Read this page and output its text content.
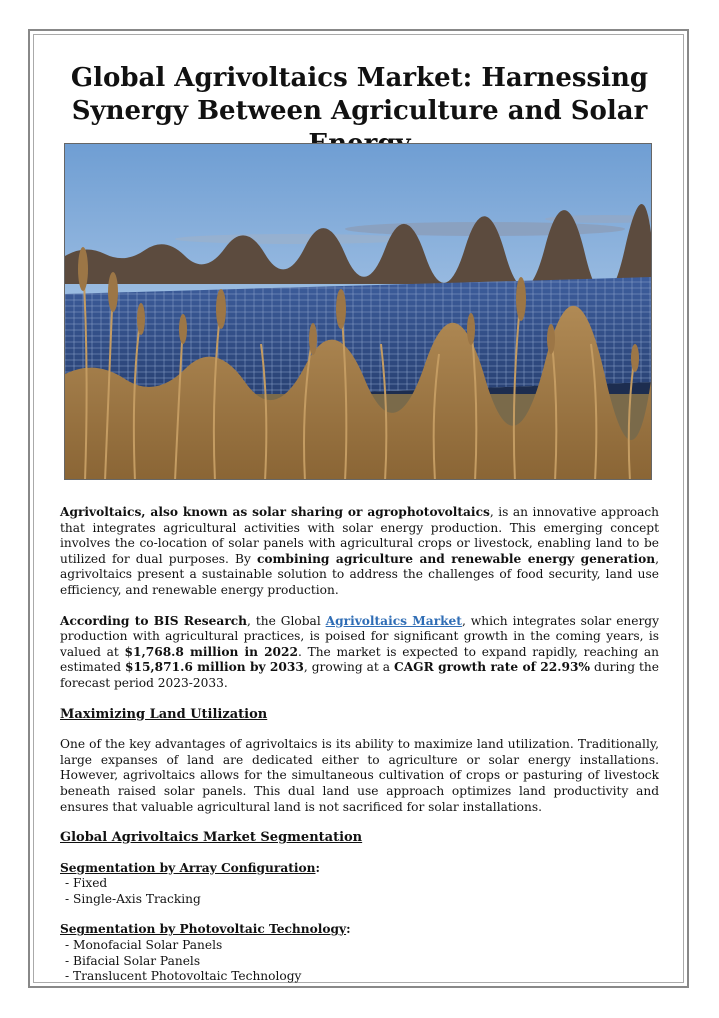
Global Agrivoltaics Market: Harnessing Synergy Between Agriculture and Solar

Agrivoltaics, also known as solar sharing or agrophotovoltaics, is an innovative approach that integrates agricultural activities with solar energy production. This emerging concept involves the co-location of solar panels with agricultural crops or livestock, enabling land to be utilized for dual purposes. By combining agriculture and renewable energy generation, agrivoltaics present a sustainable solution to address the challenges of food security, land use efficiency, and renewable energy production.

According to BIS Research, the Global Agrivoltaics Market, which integrates solar energy production with agricultural practices, is poised for significant growth in the coming years, is valued at $1,768.8 million in 2022. The market is expected to expand rapidly, reaching an estimated $15,871.6 million by 2033, growing at a CAGR growth rate of 22.93% during the forecast period 2023-2033.

Maximizing Land Utilization

One of the key advantages of agrivoltaics is its ability to maximize land utilization. Traditionally, large expanses of land are dedicated either to agriculture or solar energy installations. However, agrivoltaics allows for the simultaneous cultivation of crops or pasturing of livestock beneath raised solar panels. This dual land use approach optimizes land productivity and ensures that valuable agricultural land is not sacrificed for solar installations.

Global Agrivoltaics Market Segmentation

Segmentation by Array Configuration:

- Fixed
- Single-Axis Tracking

Segmentation by Photovoltaic Technology:

- Monofacial Solar Panels
- Bifacial Solar Panels
- Translucent Photovoltaic Technology
